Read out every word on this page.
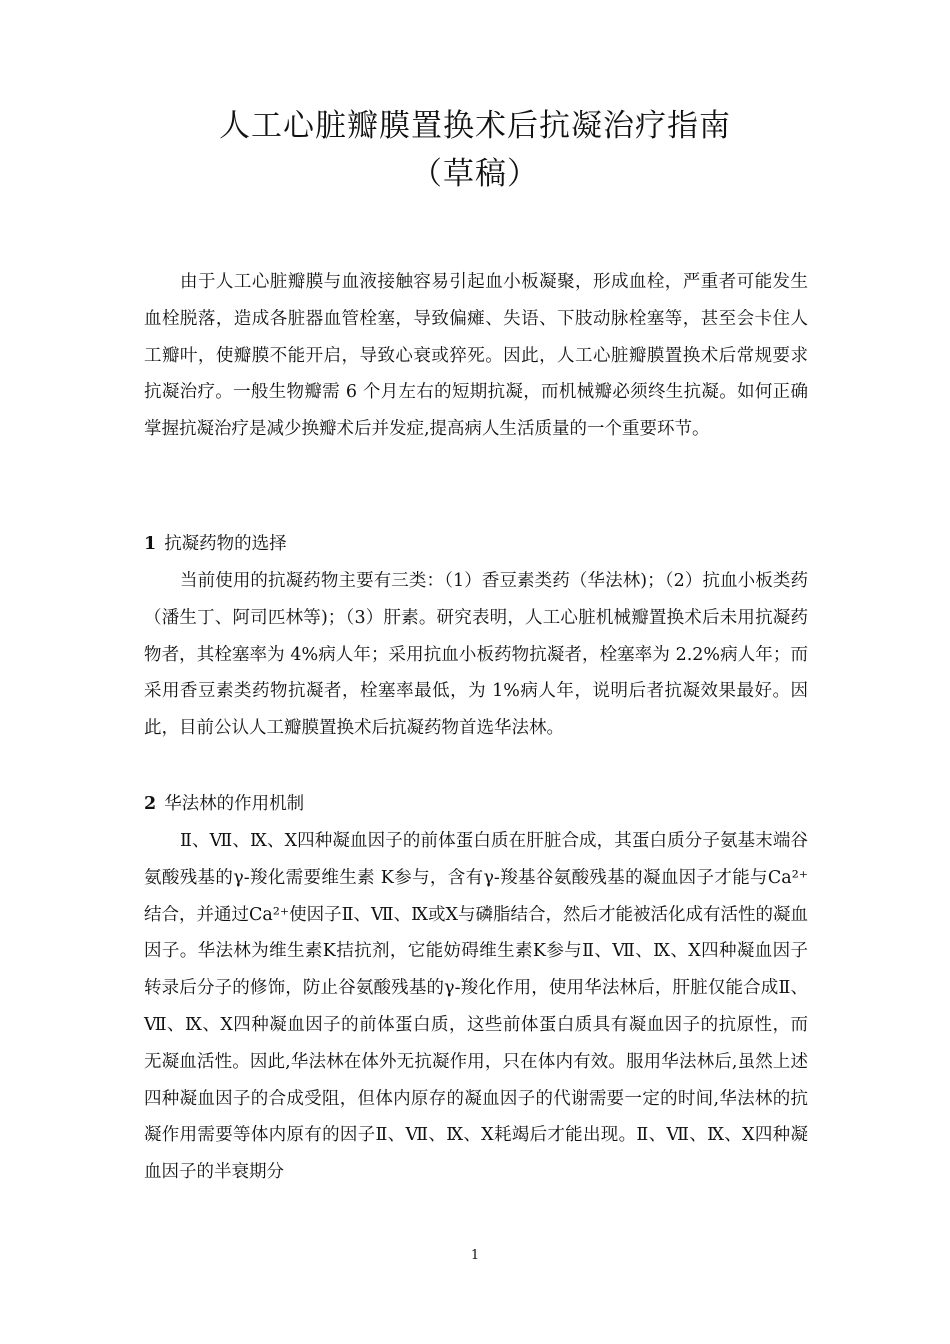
人工心脏瓣膜置换术后抗凝治疗指南
（草稿）

由于人工心脏瓣膜与血液接触容易引起血小板凝聚，形成血栓，严重者可能发生血栓脱落，造成各脏器血管栓塞，导致偏瘫、失语、下肢动脉栓塞等，甚至会卡住人工瓣叶，使瓣膜不能开启，导致心衰或猝死。因此，人工心脏瓣膜置换术后常规要求抗凝治疗。一般生物瓣需 6 个月左右的短期抗凝，而机械瓣必须终生抗凝。如何正确掌握抗凝治疗是减少换瓣术后并发症,提高病人生活质量的一个重要环节。

1 抗凝药物的选择

当前使用的抗凝药物主要有三类：（1）香豆素类药（华法林)；（2）抗血小板类药（潘生丁、阿司匹林等)；（3）肝素。研究表明，人工心脏机械瓣置换术后未用抗凝药物者，其栓塞率为 4%病人年；采用抗血小板药物抗凝者，栓塞率为 2.2%病人年；而采用香豆素类药物抗凝者，栓塞率最低，为 1%病人年，说明后者抗凝效果最好。因此，目前公认人工瓣膜置换术后抗凝药物首选华法林。

2 华法林的作用机制

Ⅱ、Ⅶ、Ⅸ、Ⅹ四种凝血因子的前体蛋白质在肝脏合成，其蛋白质分子氨基末端谷氨酸残基的γ-羧化需要维生素 K参与，含有γ-羧基谷氨酸残基的凝血因子才能与Ca²⁺结合，并通过Ca²⁺使因子Ⅱ、Ⅶ、Ⅸ或Ⅹ与磷脂结合，然后才能被活化成有活性的凝血因子。华法林为维生素K拮抗剂，它能妨碍维生素K参与Ⅱ、Ⅶ、Ⅸ、Ⅹ四种凝血因子转录后分子的修饰，防止谷氨酸残基的γ-羧化作用，使用华法林后，肝脏仅能合成Ⅱ、Ⅶ、Ⅸ、Ⅹ四种凝血因子的前体蛋白质，这些前体蛋白质具有凝血因子的抗原性，而无凝血活性。因此,华法林在体外无抗凝作用，只在体内有效。服用华法林后,虽然上述四种凝血因子的合成受阻，但体内原存的凝血因子的代谢需要一定的时间,华法林的抗凝作用需要等体内原有的因子Ⅱ、Ⅶ、Ⅸ、Ⅹ耗竭后才能出现。Ⅱ、Ⅶ、Ⅸ、Ⅹ四种凝血因子的半衰期分

1
